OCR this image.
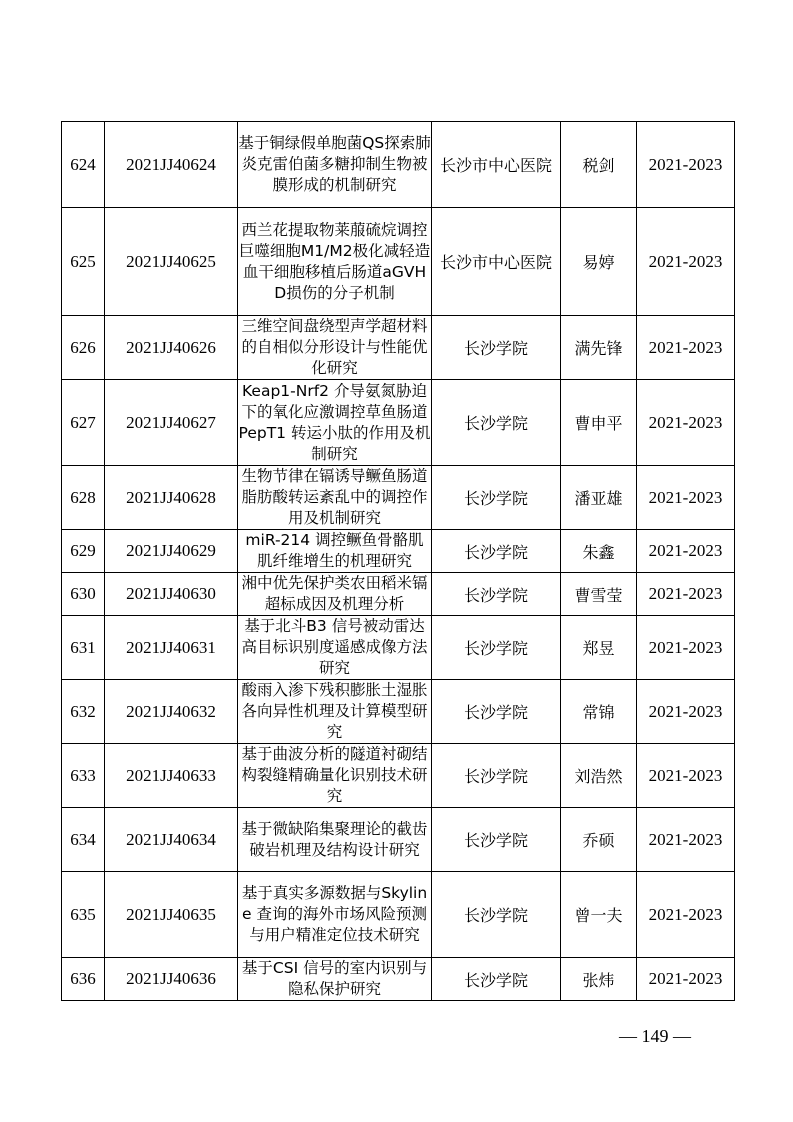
624	2021JJ40624	基于铜绿假单胞菌QS探索肺炎克雷伯菌多糖抑制生物被膜形成的机制研究	长沙市中心医院	税剑	2021-2023
625	2021JJ40625	西兰花提取物莱菔硫烷调控巨噬细胞M1/M2极化减轻造血干细胞移植后肠道aGVHD损伤的分子机制	长沙市中心医院	易婷	2021-2023
626	2021JJ40626	三维空间盘绕型声学超材料的自相似分形设计与性能优化研究	长沙学院	满先锋	2021-2023
627	2021JJ40627	Keap1-Nrf2 介导氨氮胁迫下的氧化应激调控草鱼肠道PepT1 转运小肽的作用及机制研究	长沙学院	曹申平	2021-2023
628	2021JJ40628	生物节律在镉诱导鳜鱼肠道脂肪酸转运紊乱中的调控作用及机制研究	长沙学院	潘亚雄	2021-2023
629	2021JJ40629	miR-214 调控鳜鱼骨骼肌肌纤维增生的机理研究	长沙学院	朱鑫	2021-2023
630	2021JJ40630	湘中优先保护类农田稻米镉超标成因及机理分析	长沙学院	曹雪莹	2021-2023
631	2021JJ40631	基于北斗B3 信号被动雷达高目标识别度遥感成像方法研究	长沙学院	郑昱	2021-2023
632	2021JJ40632	酸雨入渗下残积膨胀土湿胀各向异性机理及计算模型研究	长沙学院	常锦	2021-2023
633	2021JJ40633	基于曲波分析的隧道衬砌结构裂缝精确量化识别技术研究	长沙学院	刘浩然	2021-2023
634	2021JJ40634	基于微缺陷集聚理论的截齿破岩机理及结构设计研究	长沙学院	乔硕	2021-2023
635	2021JJ40635	基于真实多源数据与Skyline 查询的海外市场风险预测与用户精准定位技术研究	长沙学院	曾一夫	2021-2023
636	2021JJ40636	基于CSI 信号的室内识别与隐私保护研究	长沙学院	张炜	2021-2023
— 149 —
